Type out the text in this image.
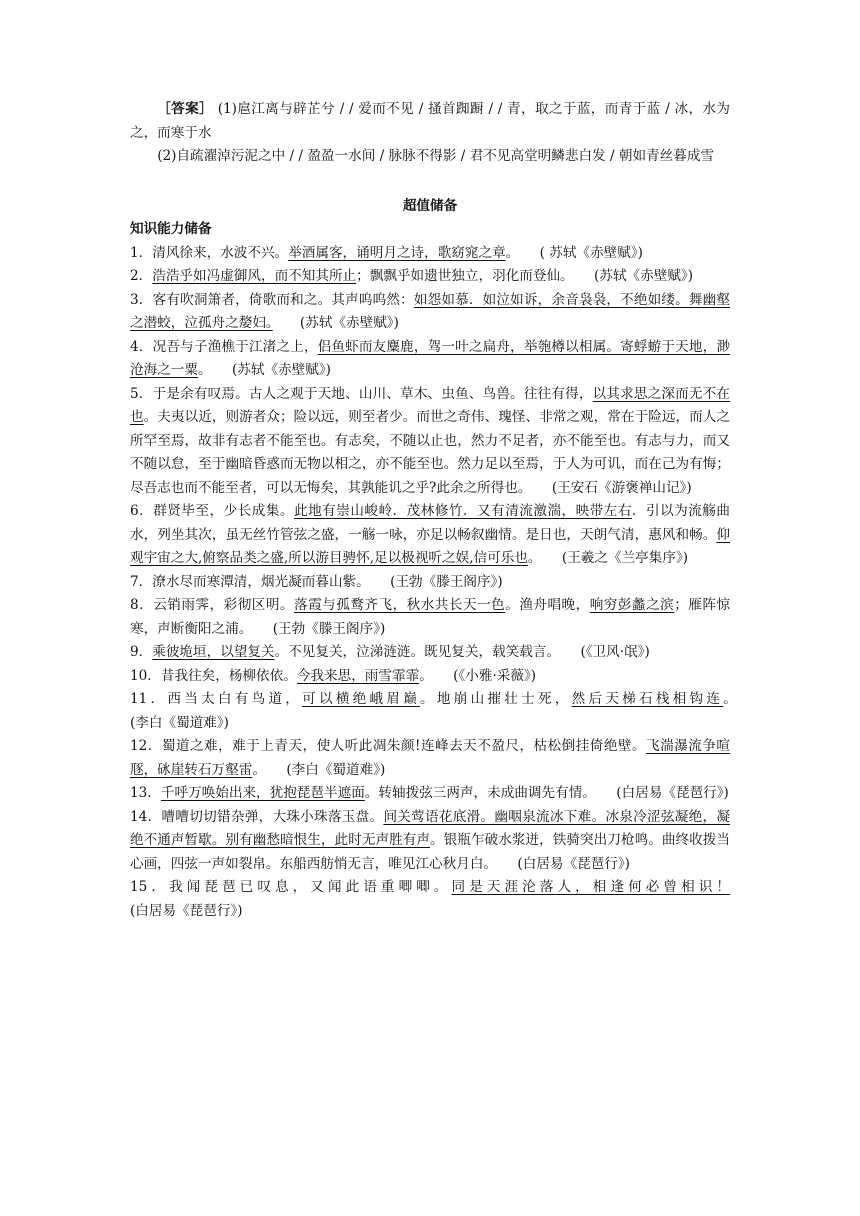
［答案］ (1)扈江离与辟芷兮 / / 爱而不见 / 搔首踟蹰 / / 青，取之于蓝，而青于蓝 / 冰，水为之，而寒于水

(2)自疏濯淖污泥之中 / / 盈盈一水间 / 脉脉不得影 / 君不见高堂明鳞悲白发 / 朝如青丝暮成雪

超值储备

知识能力储备

1．清风徐来，水波不兴。举酒属客，诵明月之诗，歌窈窕之章。　　 ( 苏轼《赤壁赋》)

2．浩浩乎如冯虚御风，而不知其所止；飘飘乎如遗世独立，羽化而登仙。　　 (苏轼《赤壁赋》)

3．客有吹洞箫者，倚歌而和之。其声呜呜然：如怨如慕．如泣如诉，余音袅袅，不绝如缕。舞幽壑之潜蛟，泣孤舟之嫠妇。　　 (苏轼《赤壁赋》)

4．况吾与子渔樵于江渚之上，侣鱼虾而友麋鹿，驾一叶之扁舟，举匏樽以相属。寄蜉蝣于天地，渺沧海之一粟。　　 (苏轼《赤壁赋》)

5．于是余有叹焉。古人之观于天地、山川、草木、虫鱼、鸟兽。往往有得，以其求思之深而无不在也。夫夷以近，则游者众；险以远，则至者少。而世之奇伟、瑰怪、非常之观，常在于险远，而人之所罕至焉，故非有志者不能至也。有志矣，不随以止也，然力不足者，亦不能至也。有志与力，而又不随以怠，至于幽暗昏惑而无物以相之，亦不能至也。然力足以至焉，于人为可讥，而在己为有悔；尽吾志也而不能至者，可以无悔矣，其孰能讥之乎?此余之所得也。　　 (王安石《游褒禅山记》)

6．群贤毕至，少长成集。此地有崇山峻岭．茂林修竹．又有清流激湍，映带左右．引以为流觞曲水，列坐其次，虽无丝竹管弦之盛，一觞一咏，亦足以畅叙幽情。是日也，天朗气清，惠风和畅。仰观宇宙之大,俯察品类之盛,所以游目骋怀,足以极视听之娱,信可乐也。　　 (王羲之《兰亭集序》)

7．潦水尽而寒潭清，烟光凝而暮山紫。　　 (王勃《滕王阁序》)

8．云销雨霁，彩彻区明。落霞与孤鹜齐飞，秋水共长天一色。渔舟唱晚，响穷彭蠡之滨；雁阵惊寒，声断衡阳之浦。　　 (王勃《滕王阁序》)

9．乘彼垝垣，以望复关。不见复关，泣涕涟涟。既见复关，载笑载言。　　 (《卫风·氓》)

10．昔我往矣，杨柳依依。今我来思，雨雪霏霏。　　 (《小雅·采薇》)

11．西当太白有鸟道，可以横绝峨眉巅。地崩山摧壮士死，然后天梯石栈相钩连。　　(李白《蜀道难》)

12．蜀道之难，难于上青天，使人听此凋朱颜!连峰去天不盈尺，枯松倒挂倚绝壁。飞湍瀑流争喧豗，砯崖转石万壑雷。　　 (李白《蜀道难》)

13．千呼万唤始出来，犹抱琵琶半遮面。转轴拨弦三两声，未成曲调先有情。　　 (白居易《琵琶行》)

14．嘈嘈切切错杂弹，大珠小珠落玉盘。间关莺语花底滑。幽咽泉流冰下难。冰泉冷涩弦凝绝，凝绝不通声暂歇。别有幽愁暗恨生，此时无声胜有声。银瓶乍破水浆迸，铁骑突出刀枪鸣。曲终收拨当心画，四弦一声如裂帛。东船西舫悄无言，唯见江心秋月白。　　 (白居易《琵琶行》)

15．我闻琵琶已叹息，又闻此语重唧唧。同是天涯沦落人，相逢何必曾相识！　　(白居易《琵琶行》)
